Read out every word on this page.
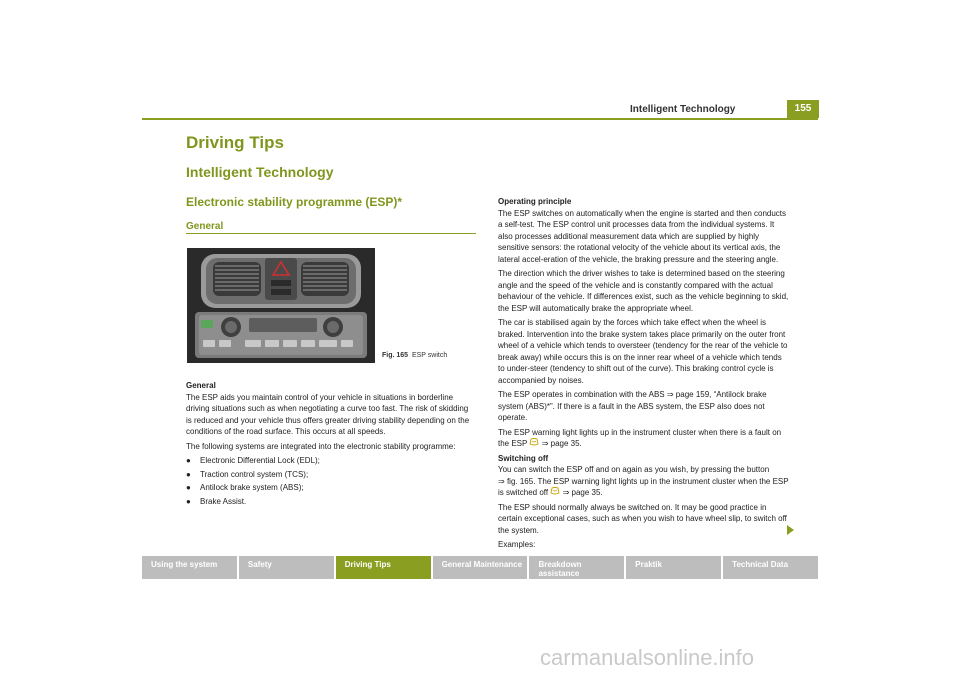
Intelligent Technology	155
Driving Tips
Intelligent Technology
Electronic stability programme (ESP)*
General
Fig. 165 ESP switch

General

The ESP aids you maintain control of your vehicle in situations in borderline driving situations such as when negotiating a curve too fast. The risk of skidding is reduced and your vehicle thus offers greater driving stability depending on the conditions of the road surface. This occurs at all speeds.

The following systems are integrated into the electronic stability programme:

● Electronic Differential Lock (EDL);
● Traction control system (TCS);
● Antilock brake system (ABS);
● Brake Assist.

Operating principle

The ESP switches on automatically when the engine is started and then conducts a self-test. The ESP control unit processes data from the individual systems. It also processes additional measurement data which are supplied by highly sensitive sensors: the rotational velocity of the vehicle about its vertical axis, the lateral accel-eration of the vehicle, the braking pressure and the steering angle.

The direction which the driver wishes to take is determined based on the steering angle and the speed of the vehicle and is constantly compared with the actual behaviour of the vehicle. If differences exist, such as the vehicle beginning to skid, the ESP will automatically brake the appropriate wheel.

The car is stabilised again by the forces which take effect when the wheel is braked. Intervention into the brake system takes place primarily on the outer front wheel of a vehicle which tends to oversteer (tendency for the rear of the vehicle to break away) while occurs this is on the inner rear wheel of a vehicle which tends to under-steer (tendency to shift out of the curve). This braking control cycle is accompanied by noises.

The ESP operates in combination with the ABS ⇒ page 159, “Antilock brake system (ABS)*”. If there is a fault in the ABS system, the ESP also does not operate.

The ESP warning light lights up in the instrument cluster when there is a fault on the ESP ⇒ page 35.

Switching off

You can switch the ESP off and on again as you wish, by pressing the button
⇒ fig. 165. The ESP warning light lights up in the instrument cluster when the ESP is switched off ⇒ page 35.

The ESP should normally always be switched on. It may be good practice in certain exceptional cases, such as when you wish to have wheel slip, to switch off the system.

Examples:

Using the system	Safety	Driving Tips	General Maintenance	Breakdown assistance
Praktik	Technical Data
carmanualsonline.info
